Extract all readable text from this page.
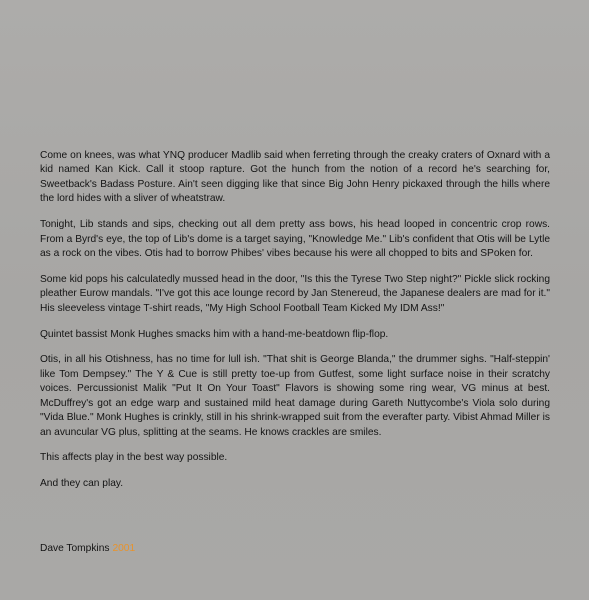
Come on knees, was what YNQ producer Madlib said when ferreting through the creaky craters of Oxnard with a kid named Kan Kick. Call it stoop rapture. Got the hunch from the notion of a record he's searching for, Sweetback's Badass Posture. Ain't seen digging like that since Big John Henry pickaxed through the hills where the lord hides with a sliver of wheatstraw.

Tonight, Lib stands and sips, checking out all dem pretty ass bows, his head looped in concentric crop rows. From a Byrd's eye, the top of Lib's dome is a target saying, "Knowledge Me." Lib's confident that Otis will be Lytle as a rock on the vibes. Otis had to borrow Phibes' vibes because his were all chopped to bits and SPoken for.

Some kid pops his calculatedly mussed head in the door, "Is this the Tyrese Two Step night?" Pickle slick rocking pleather Eurow mandals. "I've got this ace lounge record by Jan Stenereud, the Japanese dealers are mad for it." His sleeveless vintage T-shirt reads, "My High School Football Team Kicked My IDM Ass!"

Quintet bassist Monk Hughes smacks him with a hand-me-beatdown flip-flop.

Otis, in all his Otishness, has no time for lull ish. "That shit is George Blanda," the drummer sighs. "Half-steppin' like Tom Dempsey." The Y & Cue is still pretty toe-up from Gutfest, some light surface noise in their scratchy voices. Percussionist Malik "Put It On Your Toast" Flavors is showing some ring wear, VG minus at best. McDuffrey's got an edge warp and sustained mild heat damage during Gareth Nuttycombe's Viola solo during "Vida Blue." Monk Hughes is crinkly, still in his shrink-wrapped suit from the everafter party. Vibist Ahmad Miller is an avuncular VG plus, splitting at the seams. He knows crackles are smiles.

This affects play in the best way possible.

And they can play.

Dave Tompkins 2001
